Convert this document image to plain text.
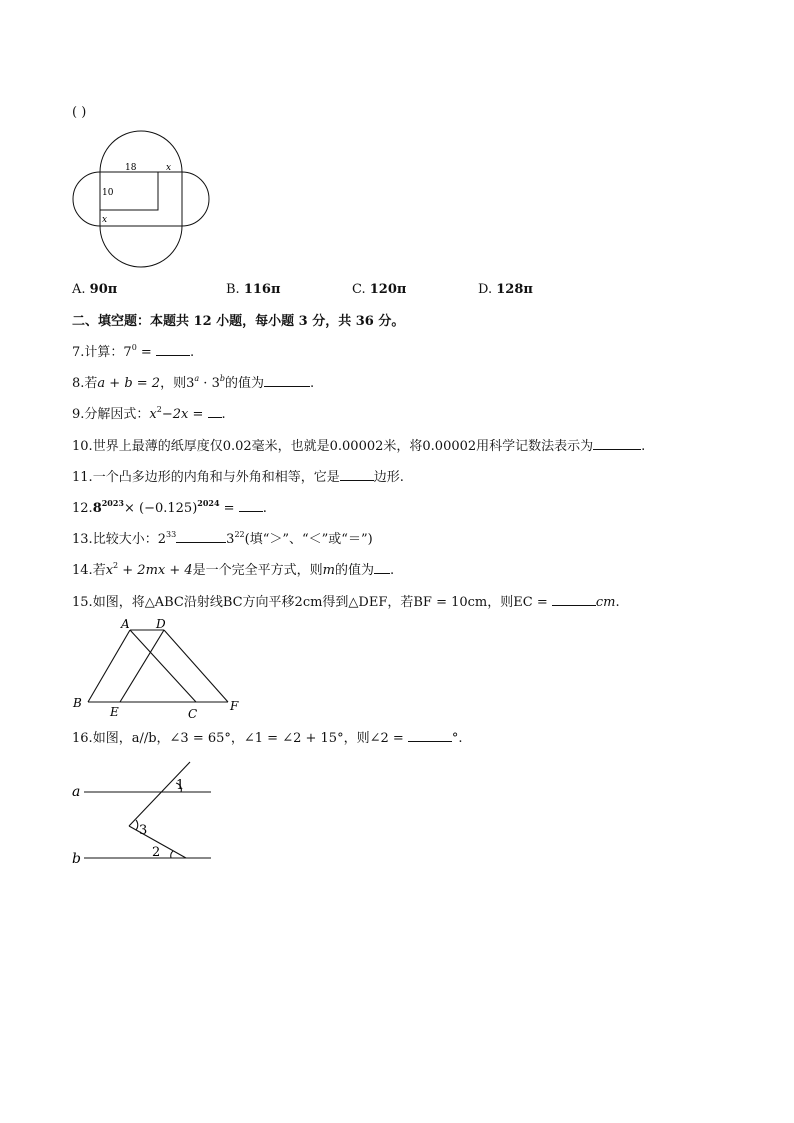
( )
18	x
10
x
A. 90π	B. 116π	C. 120π	D. 128π
二、填空题：本题共 12 小题，每小题 3 分，共 36 分。
7.计算：$7^0$ =	.
8.若a + b = 2，则$3^a \cdot 3^b$的值为	.
9.分解因式：$x^2-2x$ = .
10.世界上最薄的纸厚度仅0.02毫米，也就是0.00002米，将0.00002用科学记数法表示为	.
11.一个凸多边形的内角和与外角和相等，它是	边形.
$12.8^{2023}\times (-0.125)^{2024}$ = .
13.比较大小：$2^{33}$	$3^{22}$(填“＞”、“＜”或“＝”)
14.若$x^2 + 2mx + 4$是一个完全平方式，则m的值为 .
15.如图，将△ABC沿射线BC方向平移2cm得到△DEF，若BF = 10cm，则EC =	cm.
A D
B
E	C
F
16.如图，a//b，∠3 = 65°，∠1 = ∠2 + 15°，则∠2 =	°.
a
b
1
3
2
